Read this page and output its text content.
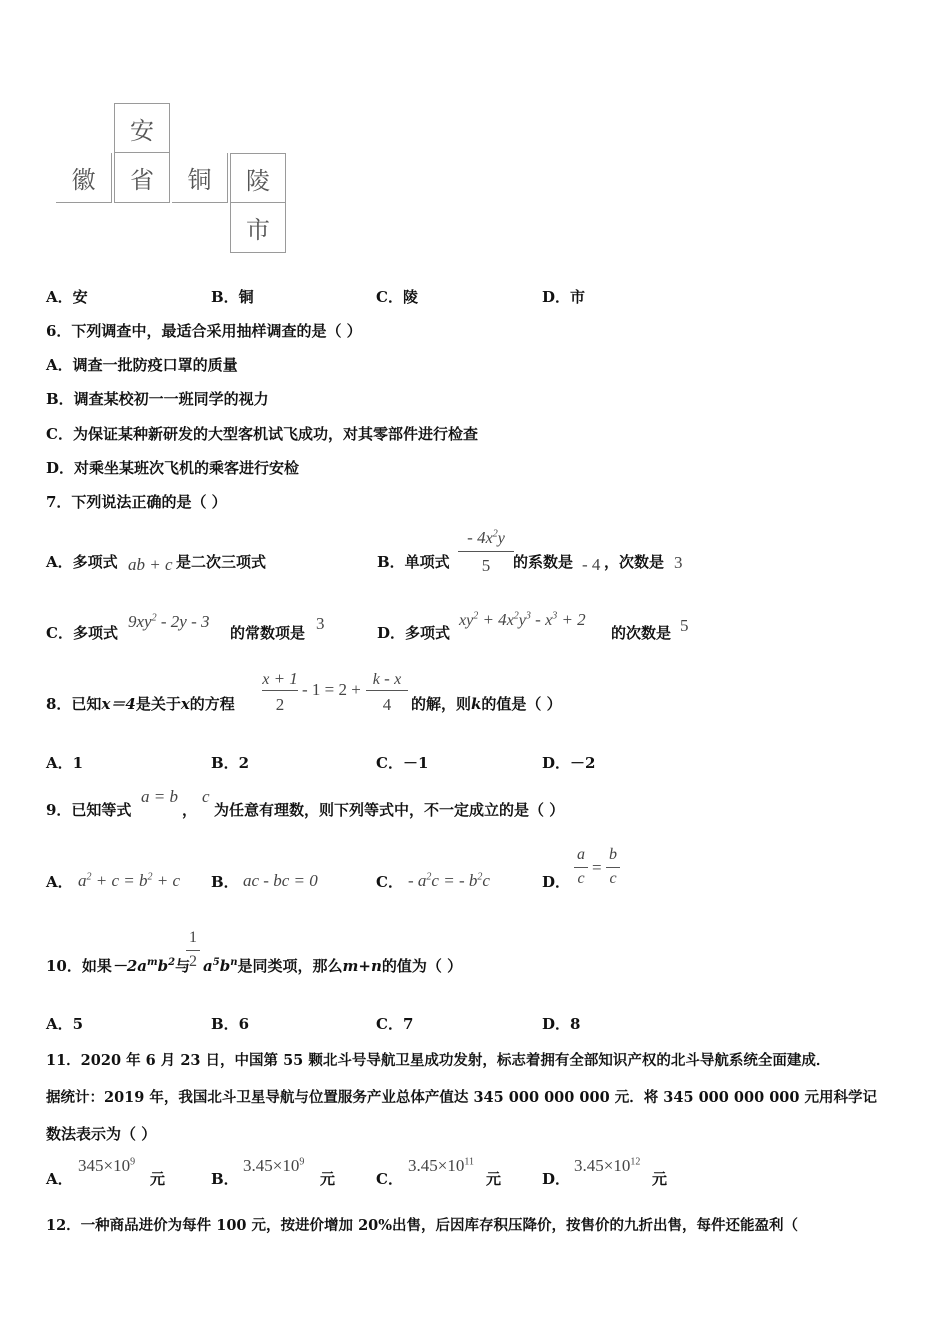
安
徽	省	铜	陵
市
A．安	B．铜	C．陵	D．市
6．下列调查中，最适合采用抽样调查的是（ ）
A．调查一批防疫口罩的质量
B．调查某校初一一班同学的视力
C．为保证某种新研发的大型客机试飞成功，对其零部件进行检查
D．对乘坐某班次飞机的乘客进行安检
7．下列说法正确的是（ ）
A．多项式 ab + c 是二次三项式	B．单项式
- $4x^2y$
5	的系数是 - 4 ，次数是 3
C．多项式
$9xy^2 - 2y - 3$
的常数项是 3	D．多项式
$xy^2 + 4x^2y^3 - x^3 + 2$
的次数是 5
8．已知x＝4是关于x的方程
x + 1
2
- 1 = 2 +
k - x
4	的解，则k的值是（ ）
A．1	B．2	C．－1	D．－2
9．已知等式
a = b
，
c
为任意有理数，则下列等式中，不一定成立的是（ ）
A． $a^2 + c = b^2 + c$ B． ac - bc = 0	C． - $a^2c$ = - $b^2c$	D．
a
c
=
b
c
10．如果$-2a^mb^2$与
1
2 $a^5b^n$是同类项，那么m+n的值为（ ）
A．5	B．6	C．7	D．8
11．2020 年 6 月 23 日，中国第 55 颗北斗号导航卫星成功发射，标志着拥有全部知识产权的北斗导航系统全面建成．
据统计：2019 年，我国北斗卫星导航与位置服务产业总体产值达 345 000 000 000 元．将 345 000 000 000 元用科学记
数法表示为（ ）
A．
$345\times 10^9$
元	B．
$3.45\times 10^9$
元	C．
$3.45\times 10^{11}$
元	D．
$3.45\times 10^{12}$
元
12．一种商品进价为每件 100 元，按进价增加 20%出售，后因库存积压降价，按售价的九折出售，每件还能盈利（
